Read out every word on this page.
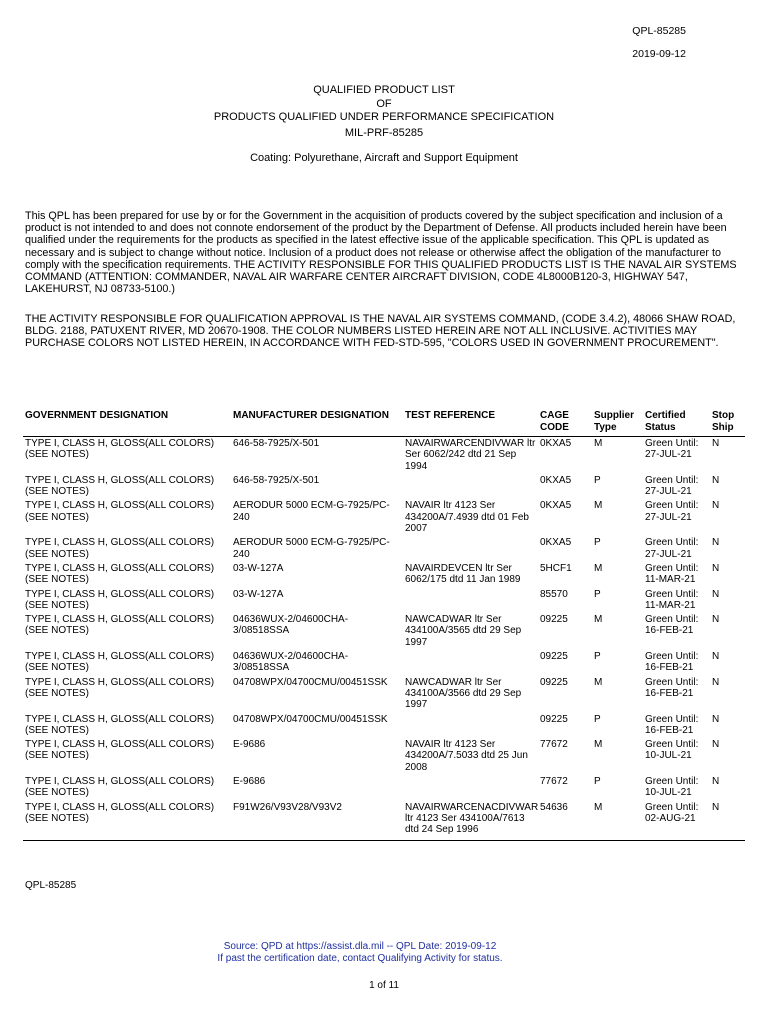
QPL-85285
2019-09-12
QUALIFIED PRODUCT LIST
OF
PRODUCTS QUALIFIED UNDER PERFORMANCE SPECIFICATION
MIL-PRF-85285
Coating: Polyurethane, Aircraft and Support Equipment
This QPL has been prepared for use by or for the Government in the acquisition of products covered by the subject specification and inclusion of a product is not intended to and does not connote endorsement of the product by the Department of Defense. All products included herein have been qualified under the requirements for the products as specified in the latest effective issue of the applicable specification. This QPL is updated as necessary and is subject to change without notice. Inclusion of a product does not release or otherwise affect the obligation of the manufacturer to comply with the specification requirements. THE ACTIVITY RESPONSIBLE FOR THIS QUALIFIED PRODUCTS LIST IS THE NAVAL AIR SYSTEMS COMMAND (ATTENTION: COMMANDER, NAVAL AIR WARFARE CENTER AIRCRAFT DIVISION, CODE 4L8000B120-3, HIGHWAY 547, LAKEHURST, NJ 08733-5100.)
THE ACTIVITY RESPONSIBLE FOR QUALIFICATION APPROVAL IS THE NAVAL AIR SYSTEMS COMMAND, (CODE 3.4.2), 48066 SHAW ROAD, BLDG. 2188, PATUXENT RIVER, MD 20670-1908. THE COLOR NUMBERS LISTED HEREIN ARE NOT ALL INCLUSIVE. ACTIVITIES MAY PURCHASE COLORS NOT LISTED HEREIN, IN ACCORDANCE WITH FED-STD-595, "COLORS USED IN GOVERNMENT PROCUREMENT".
GOVERNMENT DESIGNATION	MANUFACTURER DESIGNATION	TEST REFERENCE	CAGE CODE	Supplier Type	Certified Status	Stop Ship
TYPE I, CLASS H, GLOSS(ALL COLORS) (SEE NOTES)	646-58-7925/X-501	NAVAIRWARCENDIVWAR ltr Ser 6062/242 dtd 21 Sep 1994	0KXA5	M	Green Until: 27-JUL-21	N
TYPE I, CLASS H, GLOSS(ALL COLORS) (SEE NOTES)	646-58-7925/X-501		0KXA5	P	Green Until: 27-JUL-21	N
TYPE I, CLASS H, GLOSS(ALL COLORS) (SEE NOTES)	AERODUR 5000 ECM-G-7925/PC-240	NAVAIR ltr 4123 Ser 434200A/7.4939 dtd 01 Feb 2007	0KXA5	M	Green Until: 27-JUL-21	N
TYPE I, CLASS H, GLOSS(ALL COLORS) (SEE NOTES)	AERODUR 5000 ECM-G-7925/PC-240		0KXA5	P	Green Until: 27-JUL-21	N
TYPE I, CLASS H, GLOSS(ALL COLORS) (SEE NOTES)	03-W-127A	NAVAIRDEVCEN ltr Ser 6062/175 dtd 11 Jan 1989	5HCF1	M	Green Until: 11-MAR-21	N
TYPE I, CLASS H, GLOSS(ALL COLORS) (SEE NOTES)	03-W-127A		85570	P	Green Until: 11-MAR-21	N
TYPE I, CLASS H, GLOSS(ALL COLORS) (SEE NOTES)	04636WUX-2/04600CHA-3/08518SSA	NAWCADWAR ltr Ser 434100A/3565 dtd 29 Sep 1997	09225	M	Green Until: 16-FEB-21	N
TYPE I, CLASS H, GLOSS(ALL COLORS) (SEE NOTES)	04636WUX-2/04600CHA-3/08518SSA		09225	P	Green Until: 16-FEB-21	N
TYPE I, CLASS H, GLOSS(ALL COLORS) (SEE NOTES)	04708WPX/04700CMU/00451SSK	NAWCADWAR ltr Ser 434100A/3566 dtd 29 Sep 1997	09225	M	Green Until: 16-FEB-21	N
TYPE I, CLASS H, GLOSS(ALL COLORS) (SEE NOTES)	04708WPX/04700CMU/00451SSK		09225	P	Green Until: 16-FEB-21	N
TYPE I, CLASS H, GLOSS(ALL COLORS) (SEE NOTES)	E-9686	NAVAIR ltr 4123 Ser 434200A/7.5033 dtd 25 Jun 2008	77672	M	Green Until: 10-JUL-21	N
TYPE I, CLASS H, GLOSS(ALL COLORS) (SEE NOTES)	E-9686		77672	P	Green Until: 10-JUL-21	N
TYPE I, CLASS H, GLOSS(ALL COLORS) (SEE NOTES)	F91W26/V93V28/V93V2	NAVAIRWARCENACDIVWAR ltr 4123 Ser 434100A/7613 dtd 24 Sep 1996	54636	M	Green Until: 02-AUG-21	N
QPL-85285
Source: QPD at https://assist.dla.mil -- QPL Date: 2019-09-12
If past the certification date, contact Qualifying Activity for status.
1 of 11
